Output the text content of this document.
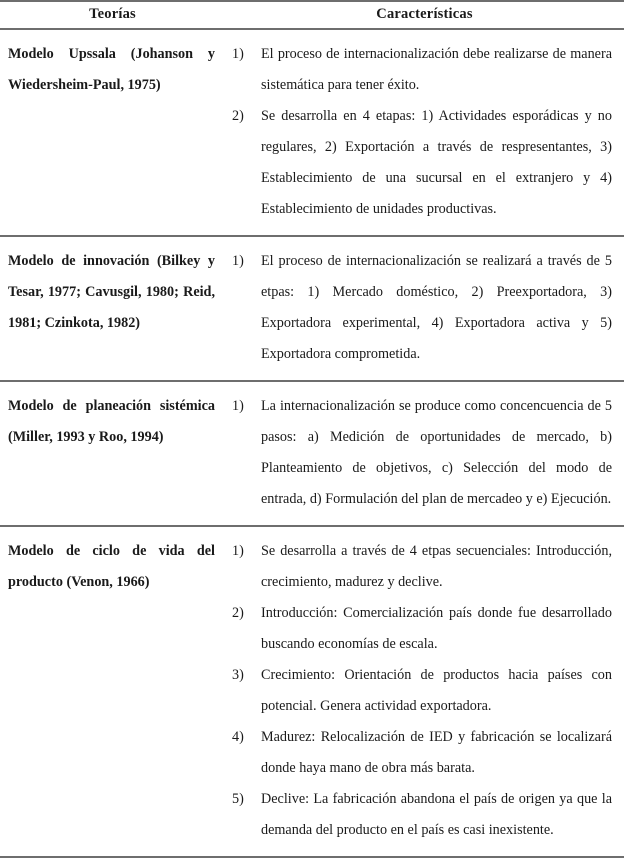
Teorías	Características

Modelo Upssala (Johanson y Wiedersheim-Paul, 1975)

1)	El proceso de internacionalización debe realizarse de manera sistemática para tener éxito.
2)	Se desarrolla en 4 etapas: 1) Actividades esporádicas y no regulares, 2) Exportación a través de respresentantes, 3) Establecimiento de una sucursal en el extranjero y 4) Establecimiento de unidades productivas.

Modelo de innovación (Bilkey y Tesar, 1977; Cavusgil, 1980; Reid, 1981; Czinkota, 1982)

1)	El proceso de internacionalización se realizará a través de 5 etpas: 1) Mercado doméstico, 2) Preexportadora, 3) Exportadora experimental, 4) Exportadora activa y 5) Exportadora comprometida.

Modelo de planeación sistémica (Miller, 1993 y Roo, 1994)

1)	La internacionalización se produce como concencuencia de 5 pasos: a) Medición de oportunidades de mercado, b) Planteamiento de objetivos, c) Selección del modo de entrada, d) Formulación del plan de mercadeo y e) Ejecución.

Modelo de ciclo de vida del producto (Venon, 1966)

1)	Se desarrolla a través de 4 etpas secuenciales: Introducción, crecimiento, madurez y declive.
2)	Introducción: Comercialización país donde fue desarrollado buscando economías de escala.
3)	Crecimiento: Orientación de productos hacia países con potencial. Genera actividad exportadora.
4)	Madurez: Relocalización de IED y fabricación se localizará donde haya mano de obra más barata.
5)	Declive: La fabricación abandona el país de origen ya que la demanda del producto en el país es casi inexistente.
